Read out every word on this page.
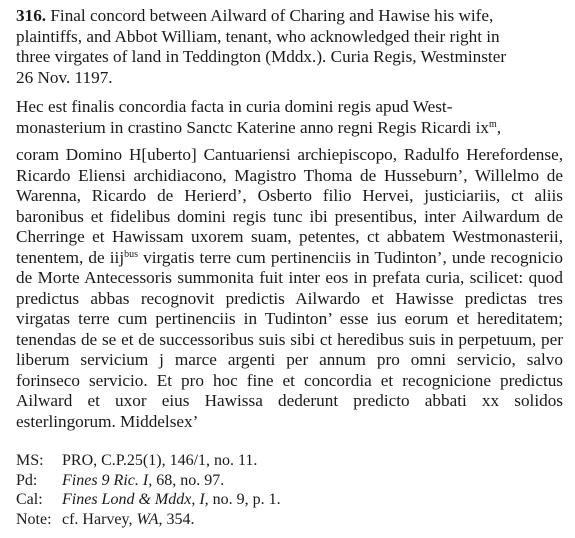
316. Final concord between Ailward of Charing and Hawise his wife,
plaintiffs, and Abbot William, tenant, who acknowledged their right in
three virgates of land in Teddington (Mddx.). Curia Regis, Westminster
26 Nov. 1197.

Hec est finalis concordia facta in curia domini regis apud West-
monasterium in crastino Sanctc Katerine anno regni Regis Ricardi $ix^m$,

coram Domino H[uberto] Cantuariensi archiepiscopo, Radulfo Herefordense, Ricardo Eliensi archidiacono, Magistro Thoma de Husseburn’, Willelmo de Warenna, Ricardo de Herierd’, Osberto filio Hervei, justiciariis, ct aliis baronibus et fidelibus domini regis tunc ibi presentibus, inter Ailwardum de Cherringe et Hawissam uxorem suam, petentes, ct abbatem Westmonasterii, tenentem, de iij$^{bus}$ virgatis terre cum pertinenciis in Tudinton’, unde recognicio de Morte Antecessoris summonita fuit inter eos in prefata curia, scilicet: quod predictus abbas recognovit predictis Ailwardo et Hawisse predictas tres virgatas terre cum pertinenciis in Tudinton’ esse ius eorum et hereditatem; tenendas de se et de successoribus suis sibi ct heredibus suis in perpetuum, per liberum servicium j marce argenti per annum pro omni servicio, salvo forinseco servicio. Et pro hoc fine et concordia et recognicione predictus Ailward et uxor eius Hawissa dederunt predicto abbati xx solidos esterlingorum. Middelsex’

MS:	PRO, C.P.25(1), 146/1, no. 11.
Pd:	Fines 9 Ric. I, 68, no. 97.
Cal:	Fines Lond & Mddx, I, no. 9, p. 1.
Note: cf. Harvey, WA, 354.
